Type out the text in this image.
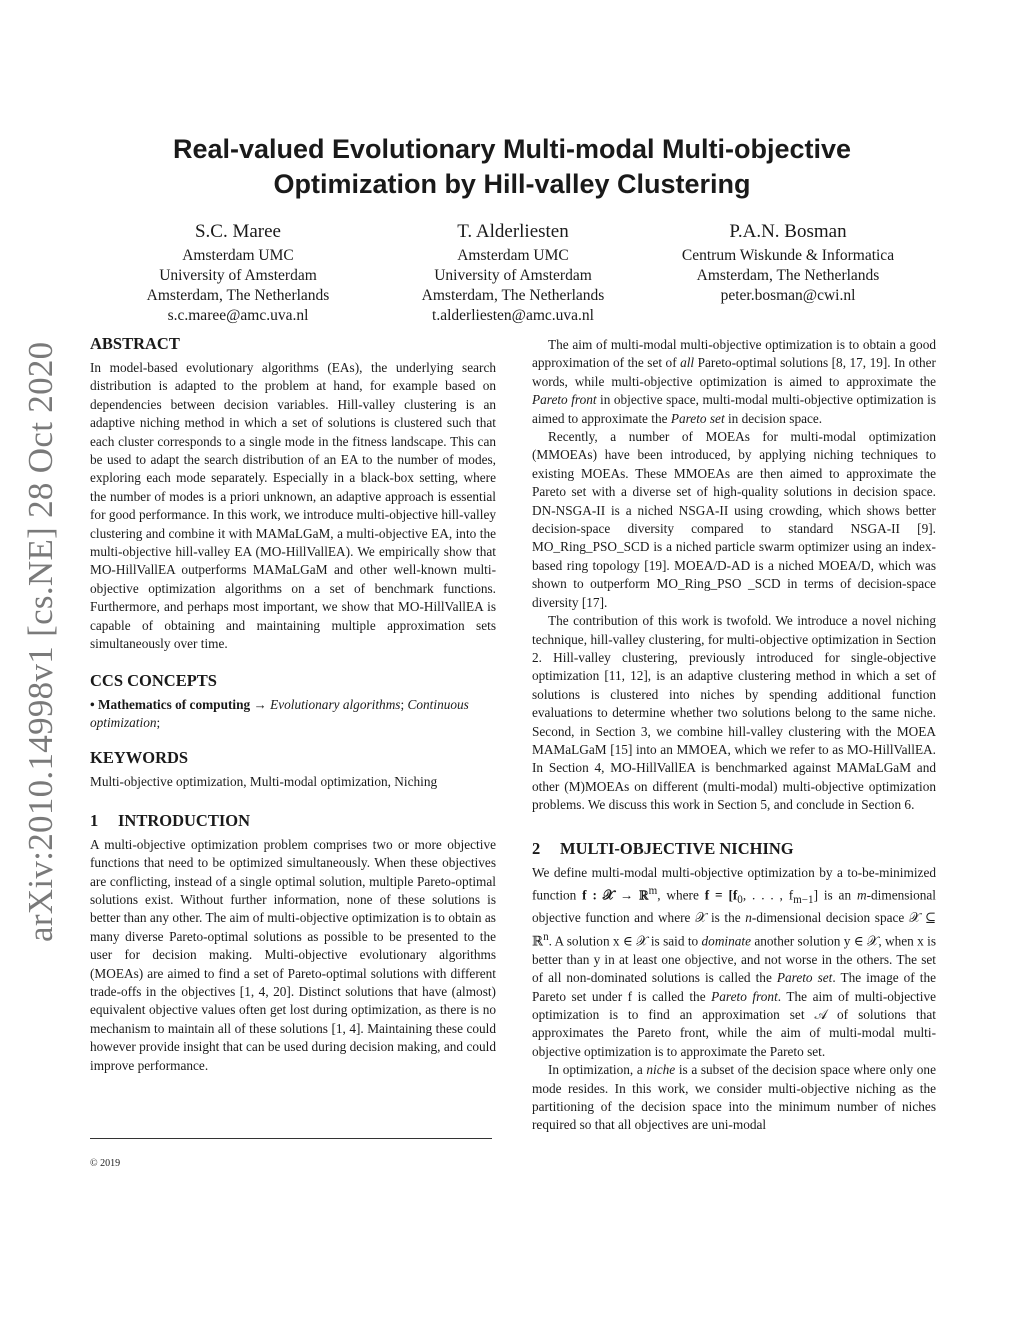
Real-valued Evolutionary Multi-modal Multi-objective
Optimization by Hill-valley Clustering
S.C. Maree
Amsterdam UMC
University of Amsterdam
Amsterdam, The Netherlands
s.c.maree@amc.uva.nl
T. Alderliesten
Amsterdam UMC
University of Amsterdam
Amsterdam, The Netherlands
t.alderliesten@amc.uva.nl
P.A.N. Bosman
Centrum Wiskunde & Informatica
Amsterdam, The Netherlands
peter.bosman@cwi.nl
arXiv:2010.14998v1 [cs.NE] 28 Oct 2020 ABSTRACT

In model-based evolutionary algorithms (EAs), the underlying search distribution is adapted to the problem at hand, for example based on dependencies between decision variables. Hill-valley clustering is an adaptive niching method in which a set of solutions is clustered such that each cluster corresponds to a single mode in the fitness landscape. This can be used to adapt the search distribution of an EA to the number of modes, exploring each mode separately. Especially in a black-box setting, where the number of modes is a priori unknown, an adaptive approach is essential for good performance. In this work, we introduce multi-objective hill-valley clustering and combine it with MAMaLGaM, a multi-objective EA, into the multi-objective hill-valley EA (MO-HillVallEA). We empirically show that MO-HillVallEA outperforms MAMaLGaM and other well-known multi-objective optimization algorithms on a set of benchmark functions. Furthermore, and perhaps most important, we show that MO-HillVallEA is capable of obtaining and maintaining multiple approximation sets simultaneously over time.

CCS CONCEPTS

• Mathematics of computing → Evolutionary algorithms; Continuous optimization;

KEYWORDS

Multi-objective optimization, Multi-modal optimization, Niching

1 INTRODUCTION

A multi-objective optimization problem comprises two or more objective functions that need to be optimized simultaneously. When these objectives are conflicting, instead of a single optimal solution, multiple Pareto-optimal solutions exist. Without further information, none of these solutions is better than any other. The aim of multi-objective optimization is to obtain as many diverse Pareto-optimal solutions as possible to be presented to the user for decision making. Multi-objective evolutionary algorithms (MOEAs) are aimed to find a set of Pareto-optimal solutions with different trade-offs in the objectives [1, 4, 20]. Distinct solutions that have (almost) equivalent objective values often get lost during optimization, as there is no mechanism to maintain all of these solutions [1, 4]. Maintaining these could however provide insight that can be used during decision making, and could improve performance.

© 2019

The aim of multi-modal multi-objective optimization is to obtain a good approximation of the set of all Pareto-optimal solutions [8, 17, 19]. In other words, while multi-objective optimization is aimed to approximate the Pareto front in objective space, multi-modal multi-objective optimization is aimed to approximate the Pareto set in decision space.

Recently, a number of MOEAs for multi-modal optimization (MMOEAs) have been introduced, by applying niching techniques to existing MOEAs. These MMOEAs are then aimed to approximate the Pareto set with a diverse set of high-quality solutions in decision space. DN-NSGA-II is a niched NSGA-II using crowding, which shows better decision-space diversity compared to standard NSGA-II [9]. MO_Ring_PSO_SCD is a niched particle swarm optimizer using an index-based ring topology [19]. MOEA/D-AD is a niched MOEA/D, which was shown to outperform MO_Ring_PSO _SCD in terms of decision-space diversity [17].

The contribution of this work is twofold. We introduce a novel niching technique, hill-valley clustering, for multi-objective optimization in Section 2. Hill-valley clustering, previously introduced for single-objective optimization [11, 12], is an adaptive clustering method in which a set of solutions is clustered into niches by spending additional function evaluations to determine whether two solutions belong to the same niche. Second, in Section 3, we combine hill-valley clustering with the MOEA MAMaLGaM [15] into an MMOEA, which we refer to as MO-HillVallEA. In Section 4, MO-HillVallEA is benchmarked against MAMaLGaM and other (M)MOEAs on different (multi-modal) multi-objective optimization problems. We discuss this work in Section 5, and conclude in Section 6.

2 MULTI-OBJECTIVE NICHING

We define multi-modal multi-objective optimization by a to-be-minimized function f : 𝒳 → ℝ$^m$, where $f = [f_0$, . . . , $f_{m-1}$] is an m-dimensional objective function and where 𝒳 is the n-dimensional decision space 𝒳 ⊆ ℝ$^n$. A solution x ∈ 𝒳 is said to dominate another solution y ∈ 𝒳, when x is better than y in at least one objective, and not worse in the others. The set of all non-dominated solutions is called the Pareto set. The image of the Pareto set under f is called the Pareto front. The aim of multi-objective optimization is to find an approximation set 𝒜 of solutions that approximates the Pareto front, while the aim of multi-modal multi-objective optimization is to approximate the Pareto set.

In optimization, a niche is a subset of the decision space where only one mode resides. In this work, we consider multi-objective niching as the partitioning of the decision space into the minimum number of niches required so that all objectives are uni-modal
